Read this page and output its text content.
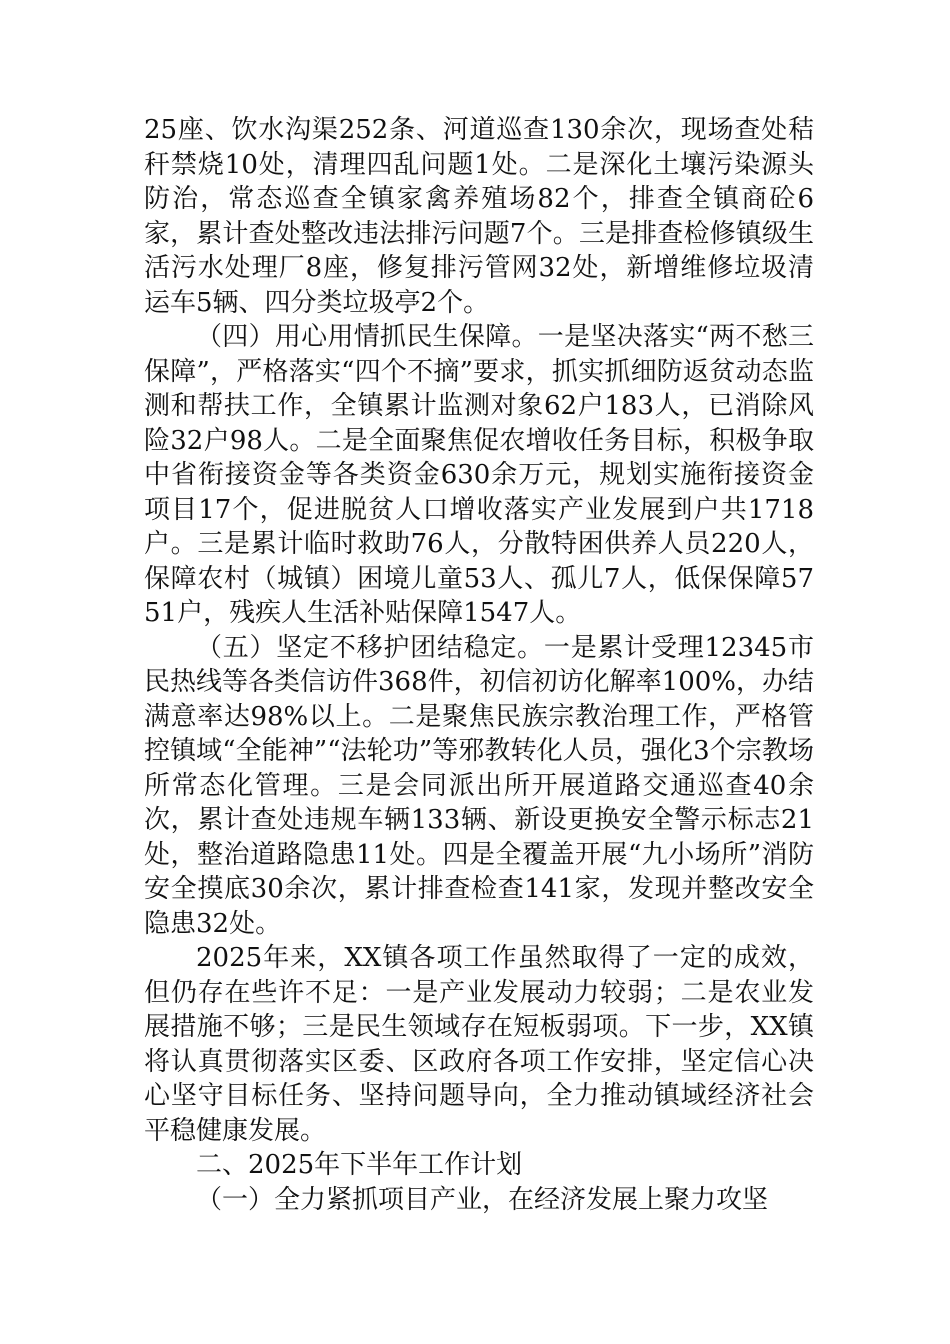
25座、饮水沟渠252条、河道巡查130余次，现场查处秸秆禁烧10处，清理四乱问题1处。二是深化土壤污染源头防治，常态巡查全镇家禽养殖场82个，排查全镇商砼6家，累计查处整改违法排污问题7个。三是排查检修镇级生活污水处理厂8座，修复排污管网32处，新增维修垃圾清运车5辆、四分类垃圾亭2个。

（四）用心用情抓民生保障。一是坚决落实“两不愁三保障”，严格落实“四个不摘”要求，抓实抓细防返贫动态监测和帮扶工作，全镇累计监测对象62户183人，已消除风险32户98人。二是全面聚焦促农增收任务目标，积极争取中省衔接资金等各类资金630余万元，规划实施衔接资金项目17个，促进脱贫人口增收落实产业发展到户共1718户。三是累计临时救助76人，分散特困供养人员220人，保障农村（城镇）困境儿童53人、孤儿7人，低保保障5751户，残疾人生活补贴保障1547人。

（五）坚定不移护团结稳定。一是累计受理12345市民热线等各类信访件368件，初信初访化解率100%，办结满意率达98%以上。二是聚焦民族宗教治理工作，严格管控镇域“全能神”“法轮功”等邪教转化人员，强化3个宗教场所常态化管理。三是会同派出所开展道路交通巡查40余次，累计查处违规车辆133辆、新设更换安全警示标志21处，整治道路隐患11处。四是全覆盖开展“九小场所”消防安全摸底30余次，累计排查检查141家，发现并整改安全隐患32处。

2025年来，XX镇各项工作虽然取得了一定的成效，但仍存在些许不足：一是产业发展动力较弱；二是农业发展措施不够；三是民生领域存在短板弱项。下一步，XX镇将认真贯彻落实区委、区政府各项工作安排，坚定信心决心坚守目标任务、坚持问题导向，全力推动镇域经济社会平稳健康发展。

二、2025年下半年工作计划

（一）全力紧抓项目产业，在经济发展上聚力攻坚
